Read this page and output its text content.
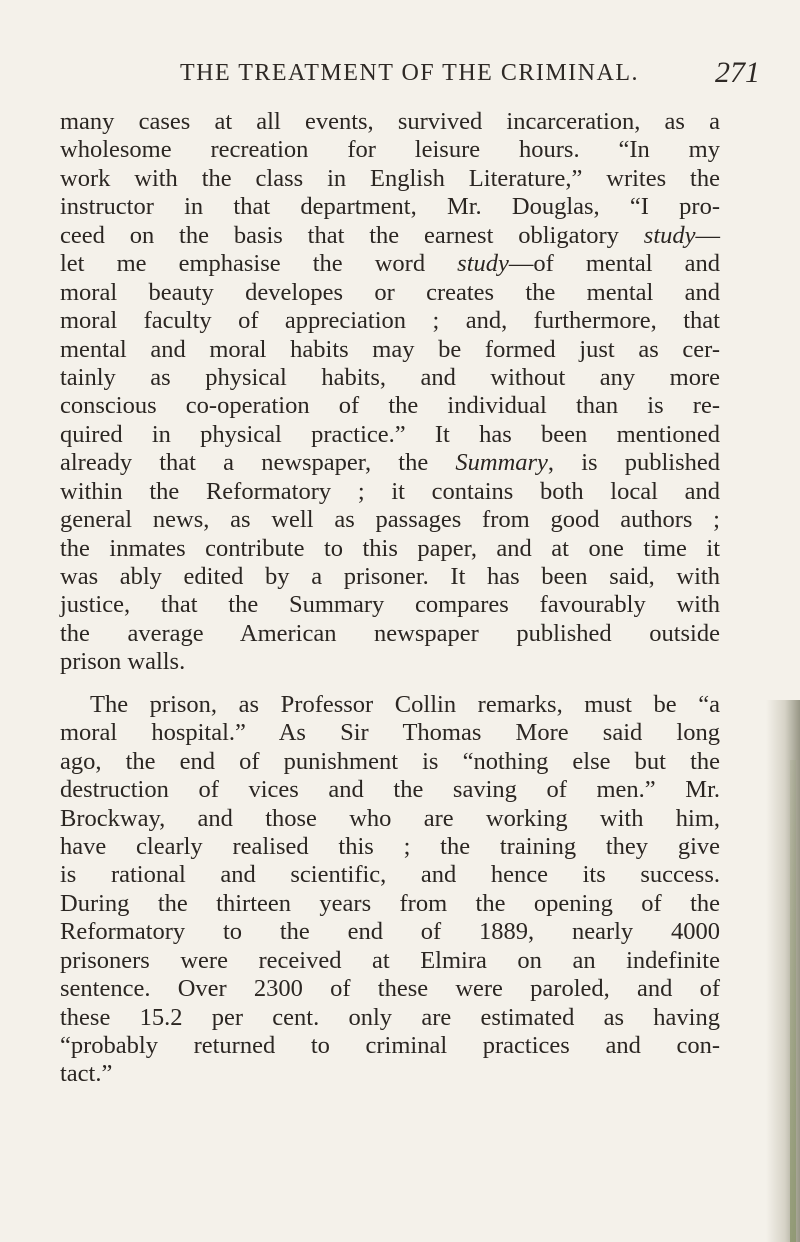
THE TREATMENT OF THE CRIMINAL.	271
many cases at all events, survived incarceration, as a
wholesome recreation for leisure hours. “In my
work with the class in English Literature,” writes the
instructor in that department, Mr. Douglas, “I pro-
ceed on the basis that the earnest obligatory study—
let me emphasise the word study—of mental and
moral beauty developes or creates the mental and
moral faculty of appreciation ; and, furthermore, that
mental and moral habits may be formed just as cer-
tainly as physical habits, and without any more
conscious co-operation of the individual than is re-
quired in physical practice.” It has been mentioned
already that a newspaper, the Summary, is published
within the Reformatory ; it contains both local and
general news, as well as passages from good authors ;
the inmates contribute to this paper, and at one time it
was ably edited by a prisoner. It has been said, with
justice, that the Summary compares favourably with
the average American newspaper published outside
prison walls.
The prison, as Professor Collin remarks, must be “a
moral hospital.” As Sir Thomas More said long
ago, the end of punishment is “nothing else but the
destruction of vices and the saving of men.” Mr.
Brockway, and those who are working with him,
have clearly realised this ; the training they give
is rational and scientific, and hence its success.
During the thirteen years from the opening of the
Reformatory to the end of 1889, nearly 4000
prisoners were received at Elmira on an indefinite
sentence. Over 2300 of these were paroled, and of
these 15.2 per cent. only are estimated as having
“probably returned to criminal practices and con-
tact.”
